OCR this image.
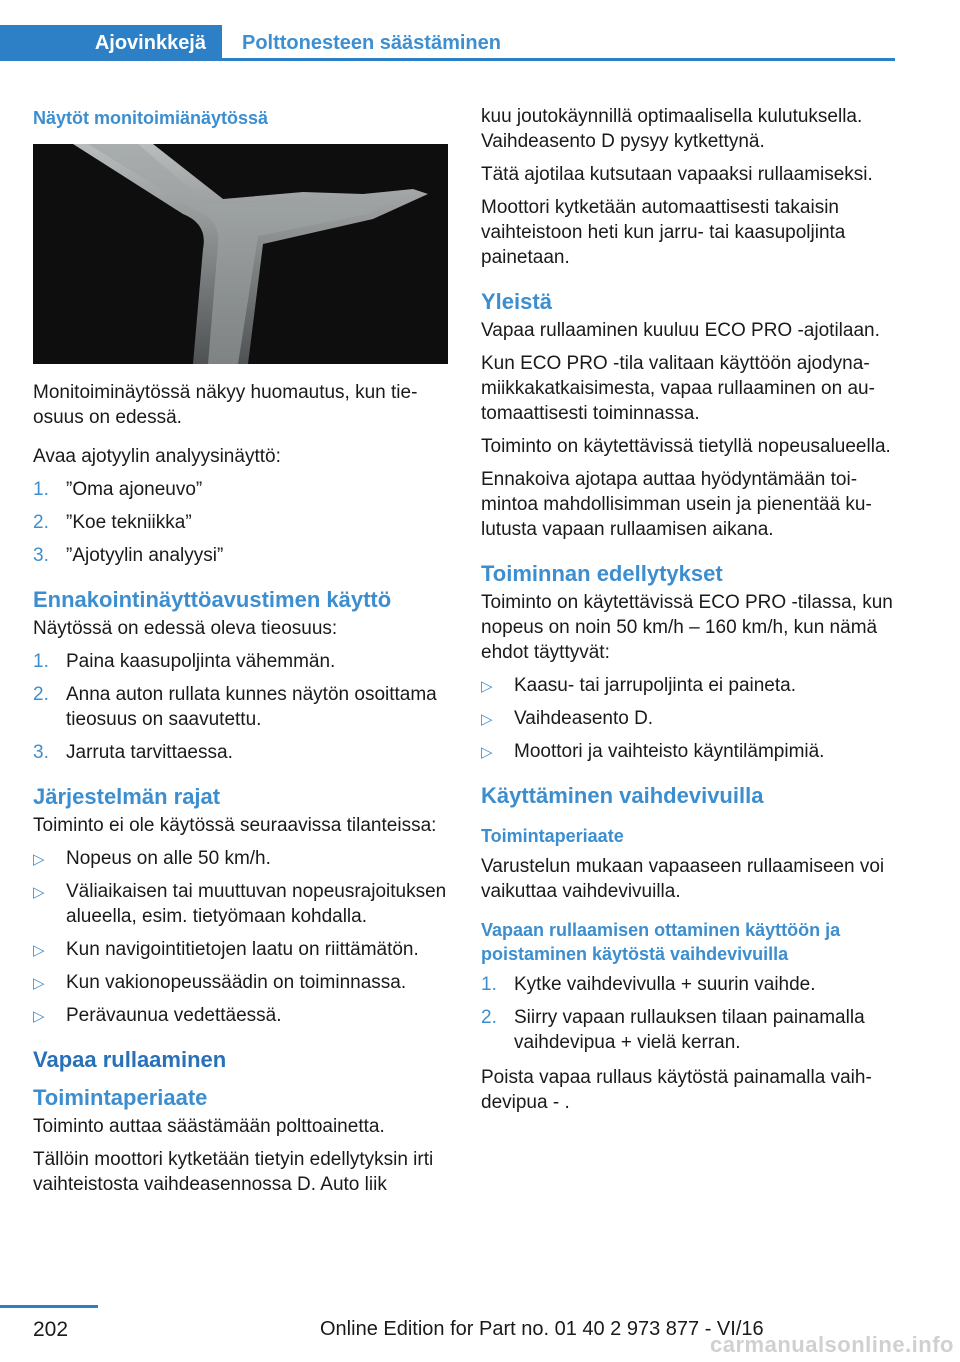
Ajovinkkejä Polttonesteen säästäminen
Näytöt monitoimiänäytössä

Monitoiminäytössä näkyy huomautus, kun tieosuus on edessä.

Avaa ajotyylin analyysinäyttö:

1. ”Oma ajoneuvo”
2. ”Koe tekniikka”
3. ”Ajotyylin analyysi”
Ennakointinäyttöavustimen käyttö

Näytössä on edessä oleva tieosuus:

1. Paina kaasupoljinta vähemmän.
2. Anna auton rullata kunnes näytön osoittama tieosuus on saavutettu.
3. Jarruta tarvittaessa.
Järjestelmän rajat

Toiminto ei ole käytössä seuraavissa tilanteissa:

▷ Nopeus on alle 50 km/h.
▷ Väliaikaisen tai muuttuvan nopeusrajoituksen alueella, esim. tietyömaan kohdalla.
▷ Kun navigointitietojen laatu on riittämätön.
▷ Kun vakionopeussäädin on toiminnassa.
▷ Perävaunua vedettäessä.
Vapaa rullaaminen
Toimintaperiaate

Toiminto auttaa säästämään polttoainetta.

Tällöin moottori kytketään tietyin edellytyksin irti vaihteistosta vaihdeasennossa D. Auto liik

kuu joutokäynnillä optimaalisella kulutuksella. Vaihdeasento D pysyy kytkettynä.

Tätä ajotilaa kutsutaan vapaaksi rullaamiseksi.

Moottori kytketään automaattisesti takaisin vaihteistoon heti kun jarru- tai kaasupoljinta painetaan.

Yleistä

Vapaa rullaaminen kuuluu ECO PRO -ajotilaan.

Kun ECO PRO -tila valitaan käyttöön ajodynamiikkakatkaisimesta, vapaa rullaaminen on automaattisesti toiminnassa.

Toiminto on käytettävissä tietyllä nopeusalueella.

Ennakoiva ajotapa auttaa hyödyntämään toimintoa mahdollisimman usein ja pienentää kulutusta vapaan rullaamisen aikana.

Toiminnan edellytykset

Toiminto on käytettävissä ECO PRO -tilassa, kun nopeus on noin 50 km/h – 160 km/h, kun nämä ehdot täyttyvät:

▷ Kaasu- tai jarrupoljinta ei paineta.
▷ Vaihdeasento D.
▷ Moottori ja vaihteisto käyntilämpimiä.
Käyttäminen vaihdevivuilla
Toimintaperiaate

Varustelun mukaan vapaaseen rullaamiseen voi vaikuttaa vaihdevivuilla.

Vapaan rullaamisen ottaminen käyttöön ja poistaminen käytöstä vaihdevivuilla
1. Kytke vaihdevivulla + suurin vaihde.
2. Siirry vapaan rullauksen tilaan painamalla vaihdevipua + vielä kerran.

Poista vapaa rullaus käytöstä painamalla vaihdevipua - .

202	Online Edition for Part no. 01 40 2 973 877 - VI/16
carmanualsonline.info
